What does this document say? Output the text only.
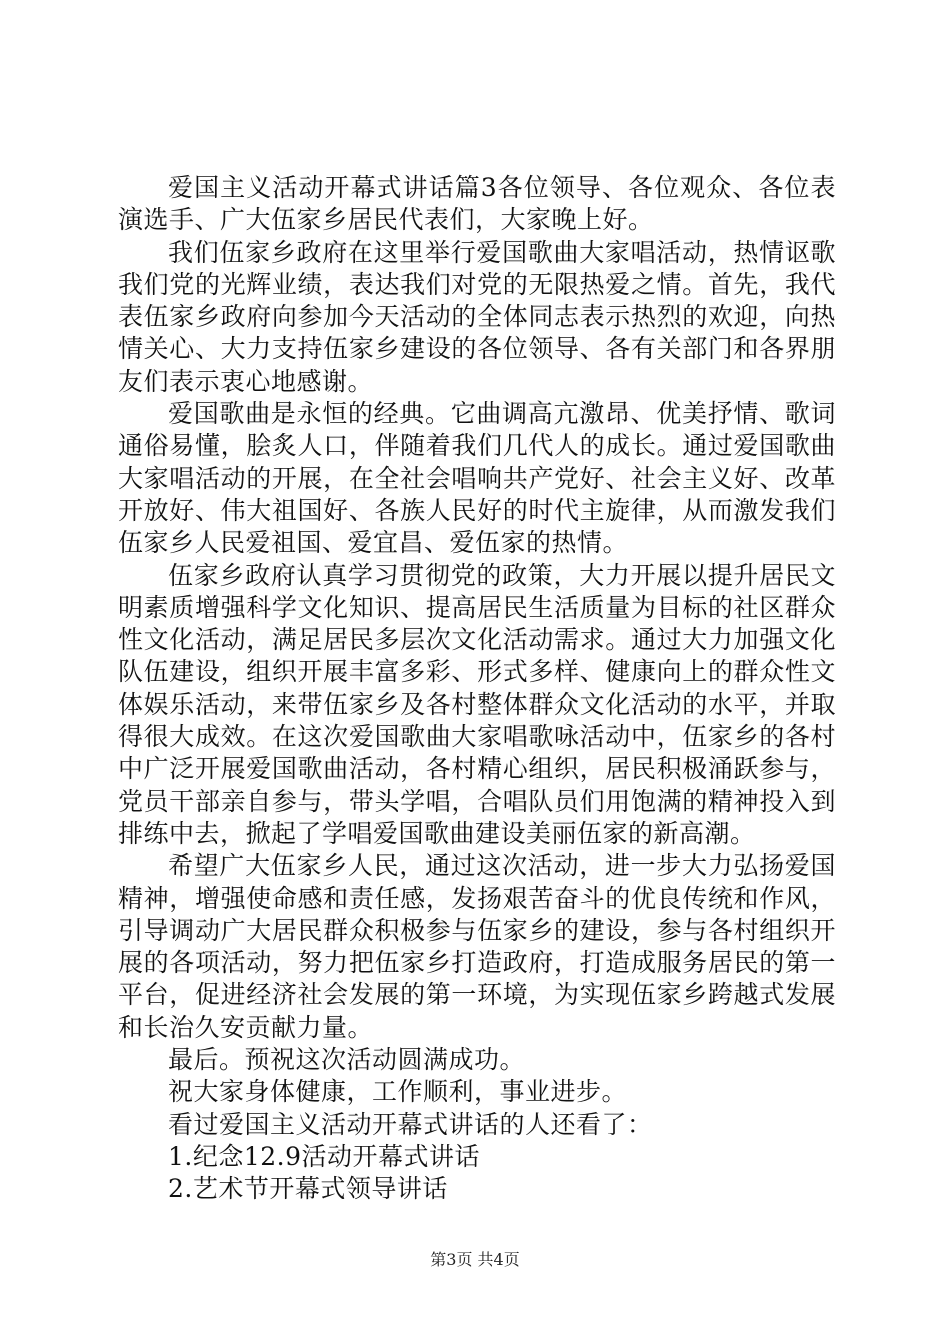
爱国主义活动开幕式讲话篇3各位领导、各位观众、各位表演选手、广大伍家乡居民代表们，大家晚上好。

我们伍家乡政府在这里举行爱国歌曲大家唱活动，热情讴歌我们党的光辉业绩，表达我们对党的无限热爱之情。首先，我代表伍家乡政府向参加今天活动的全体同志表示热烈的欢迎，向热情关心、大力支持伍家乡建设的各位领导、各有关部门和各界朋友们表示衷心地感谢。

爱国歌曲是永恒的经典。它曲调高亢激昂、优美抒情、歌词通俗易懂，脍炙人口，伴随着我们几代人的成长。通过爱国歌曲大家唱活动的开展，在全社会唱响共产党好、社会主义好、改革开放好、伟大祖国好、各族人民好的时代主旋律，从而激发我们伍家乡人民爱祖国、爱宜昌、爱伍家的热情。

伍家乡政府认真学习贯彻党的政策，大力开展以提升居民文明素质增强科学文化知识、提高居民生活质量为目标的社区群众性文化活动，满足居民多层次文化活动需求。通过大力加强文化队伍建设，组织开展丰富多彩、形式多样、健康向上的群众性文体娱乐活动，来带伍家乡及各村整体群众文化活动的水平，并取得很大成效。在这次爱国歌曲大家唱歌咏活动中，伍家乡的各村中广泛开展爱国歌曲活动，各村精心组织，居民积极涌跃参与，党员干部亲自参与，带头学唱，合唱队员们用饱满的精神投入到排练中去，掀起了学唱爱国歌曲建设美丽伍家的新高潮。

希望广大伍家乡人民，通过这次活动，进一步大力弘扬爱国精神，增强使命感和责任感，发扬艰苦奋斗的优良传统和作风，引导调动广大居民群众积极参与伍家乡的建设，参与各村组织开展的各项活动，努力把伍家乡打造政府，打造成服务居民的第一平台，促进经济社会发展的第一环境，为实现伍家乡跨越式发展和长治久安贡献力量。

最后。预祝这次活动圆满成功。

祝大家身体健康，工作顺利，事业进步。

看过爱国主义活动开幕式讲话的人还看了：

1.纪念12.9活动开幕式讲话

2.艺术节开幕式领导讲话

第3页 共4页
